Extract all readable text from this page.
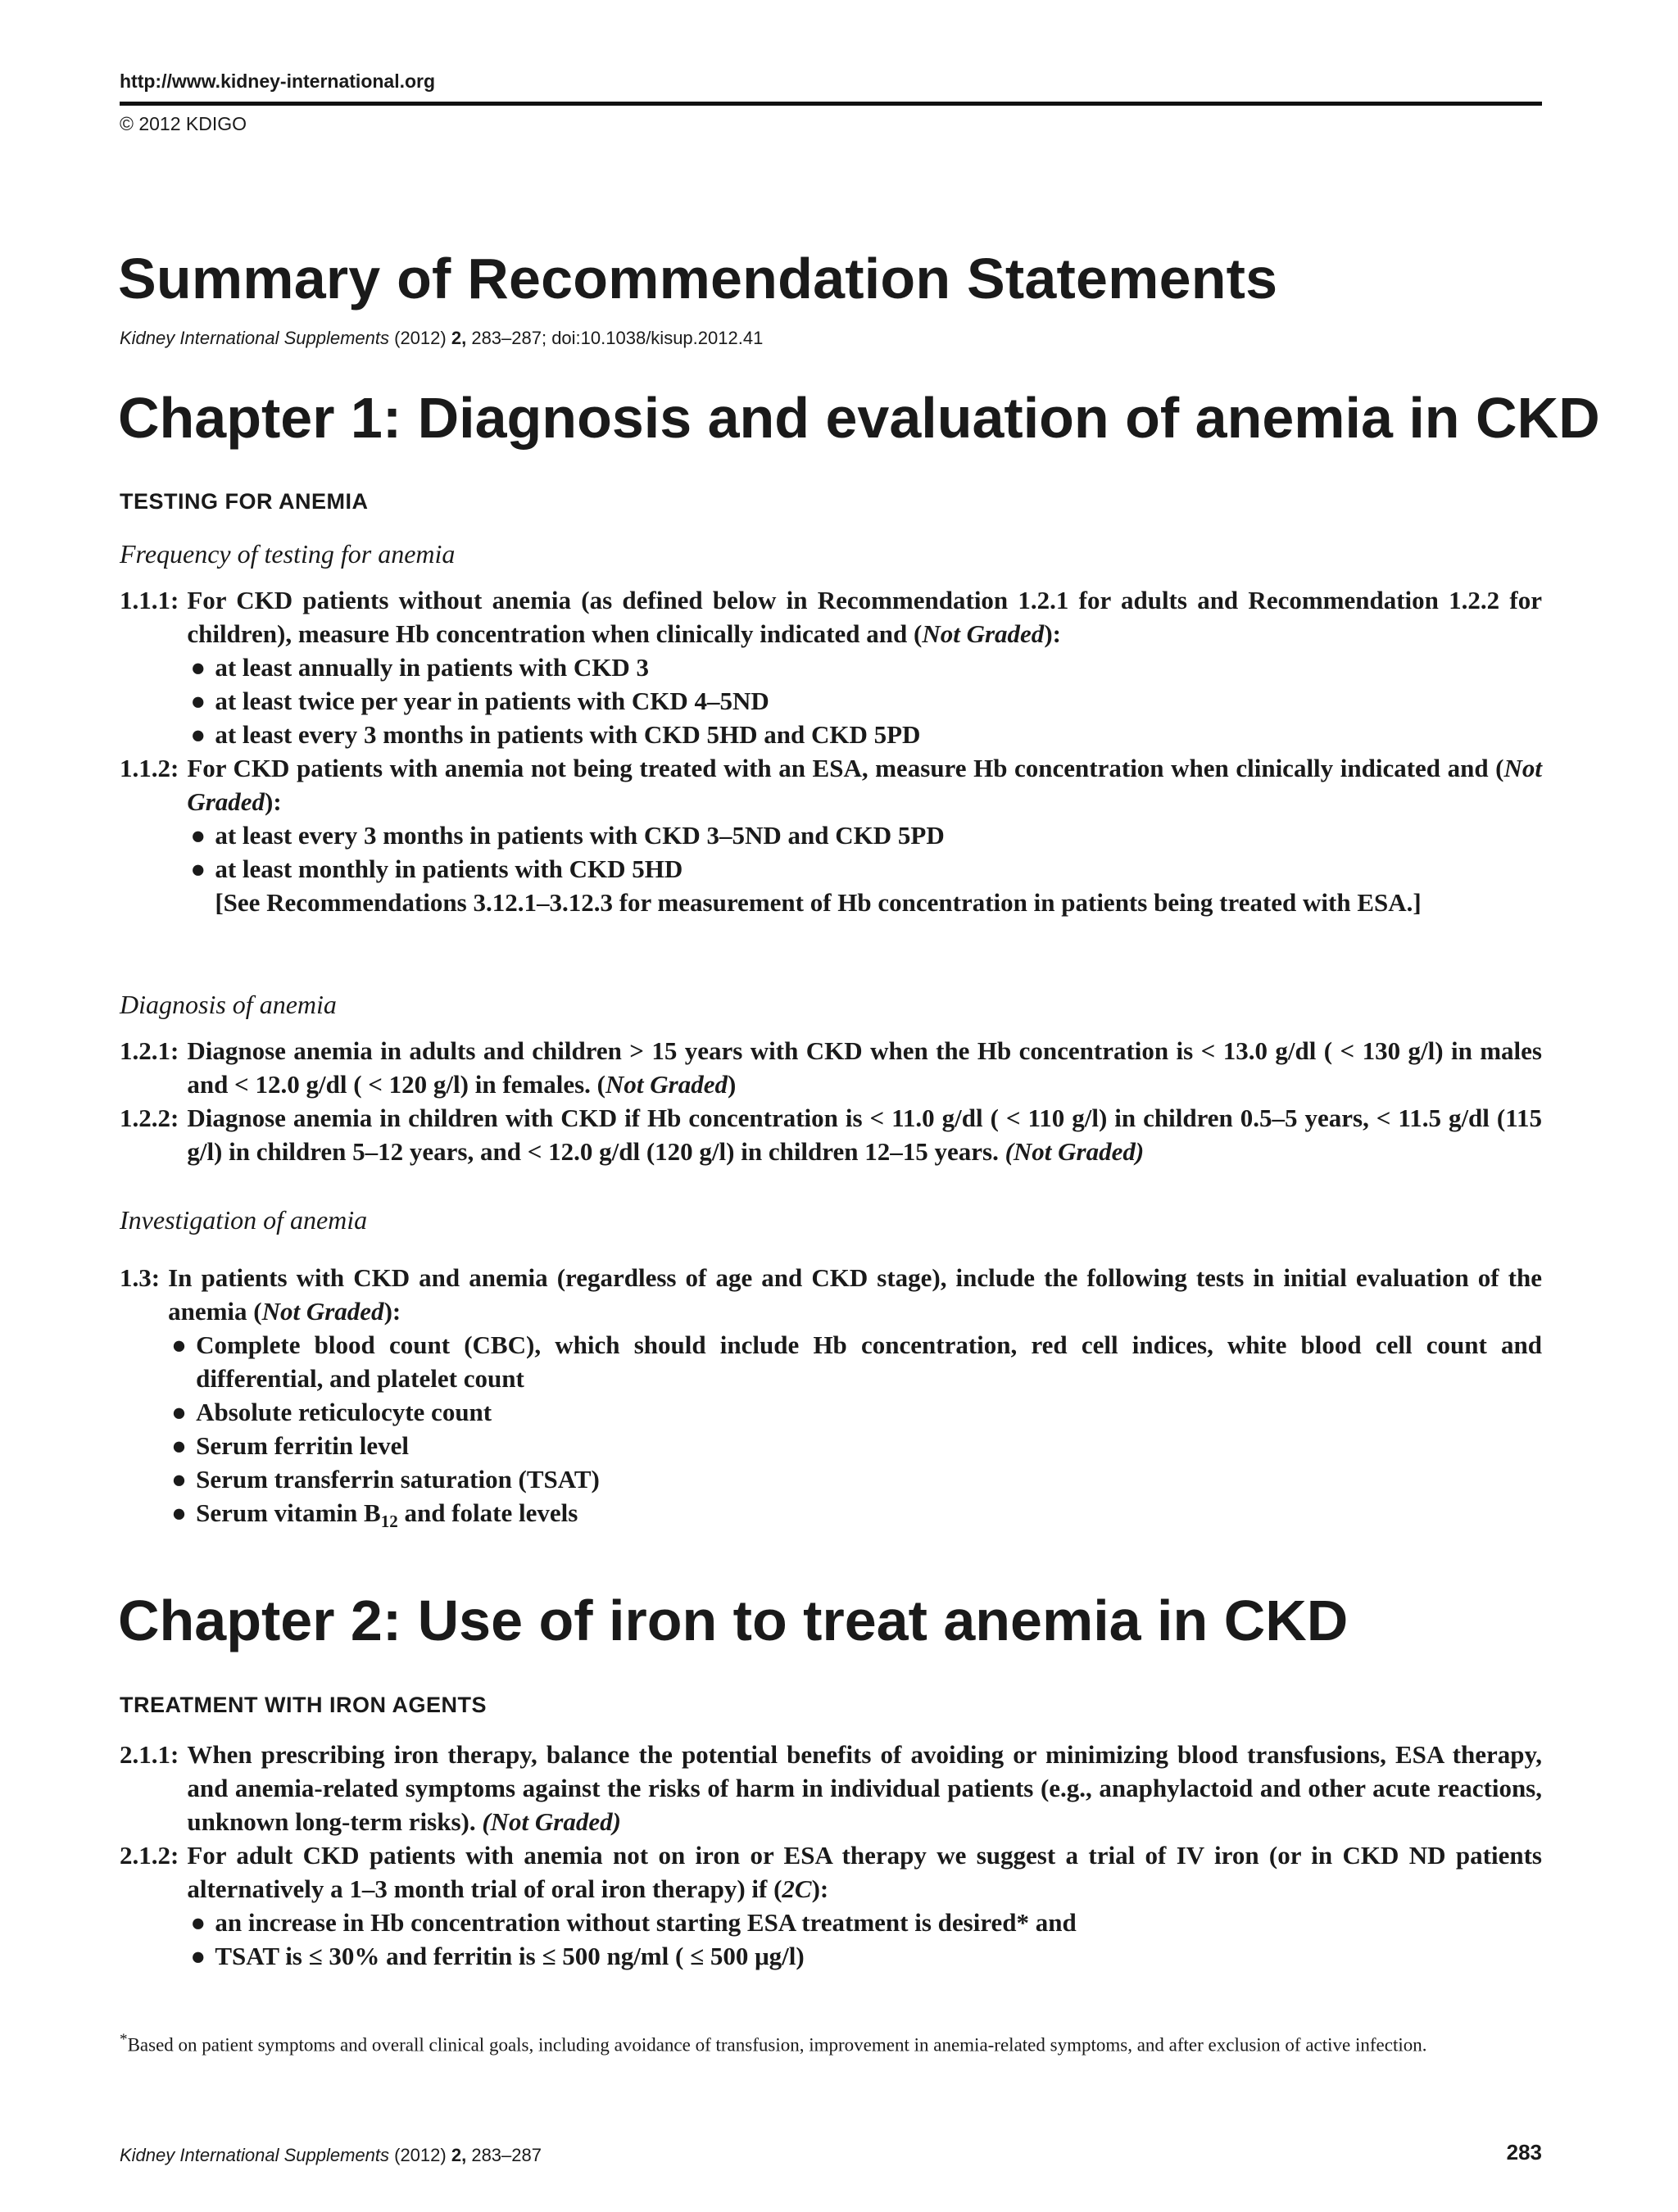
http://www.kidney-international.org
© 2012 KDIGO
Summary of Recommendation Statements
Kidney International Supplements (2012) 2, 283–287; doi:10.1038/kisup.2012.41
Chapter 1: Diagnosis and evaluation of anemia in CKD
TESTING FOR ANEMIA
Frequency of testing for anemia
1.1.1: For CKD patients without anemia (as defined below in Recommendation 1.2.1 for adults and Recommendation 1.2.2 for children), measure Hb concentration when clinically indicated and (Not Graded):
● at least annually in patients with CKD 3
● at least twice per year in patients with CKD 4–5ND
● at least every 3 months in patients with CKD 5HD and CKD 5PD
1.1.2: For CKD patients with anemia not being treated with an ESA, measure Hb concentration when clinically indicated and (Not Graded):
● at least every 3 months in patients with CKD 3–5ND and CKD 5PD
● at least monthly in patients with CKD 5HD
[See Recommendations 3.12.1–3.12.3 for measurement of Hb concentration in patients being treated with ESA.]
Diagnosis of anemia
1.2.1: Diagnose anemia in adults and children > 15 years with CKD when the Hb concentration is < 13.0 g/dl ( < 130 g/l) in males and < 12.0 g/dl ( < 120 g/l) in females. (Not Graded)
1.2.2: Diagnose anemia in children with CKD if Hb concentration is < 11.0 g/dl ( < 110 g/l) in children 0.5–5 years, < 11.5 g/dl (115 g/l) in children 5–12 years, and < 12.0 g/dl (120 g/l) in children 12–15 years. (Not Graded)
Investigation of anemia
1.3: In patients with CKD and anemia (regardless of age and CKD stage), include the following tests in initial evaluation of the anemia (Not Graded):
● Complete blood count (CBC), which should include Hb concentration, red cell indices, white blood cell count and differential, and platelet count
● Absolute reticulocyte count
● Serum ferritin level
● Serum transferrin saturation (TSAT)
● Serum vitamin $B_{12}$ and folate levels
Chapter 2: Use of iron to treat anemia in CKD
TREATMENT WITH IRON AGENTS
2.1.1: When prescribing iron therapy, balance the potential benefits of avoiding or minimizing blood transfusions, ESA therapy, and anemia-related symptoms against the risks of harm in individual patients (e.g., anaphylactoid and other acute reactions, unknown long-term risks). (Not Graded)
2.1.2: For adult CKD patients with anemia not on iron or ESA therapy we suggest a trial of IV iron (or in CKD ND patients alternatively a 1–3 month trial of oral iron therapy) if (2C):
● an increase in Hb concentration without starting ESA treatment is desired* and
● TSAT is ≤ 30% and ferritin is ≤ 500 ng/ml ( ≤ 500 μg/l)
*Based on patient symptoms and overall clinical goals, including avoidance of transfusion, improvement in anemia-related symptoms, and after exclusion of active infection.
Kidney International Supplements (2012) 2, 283–287	283
